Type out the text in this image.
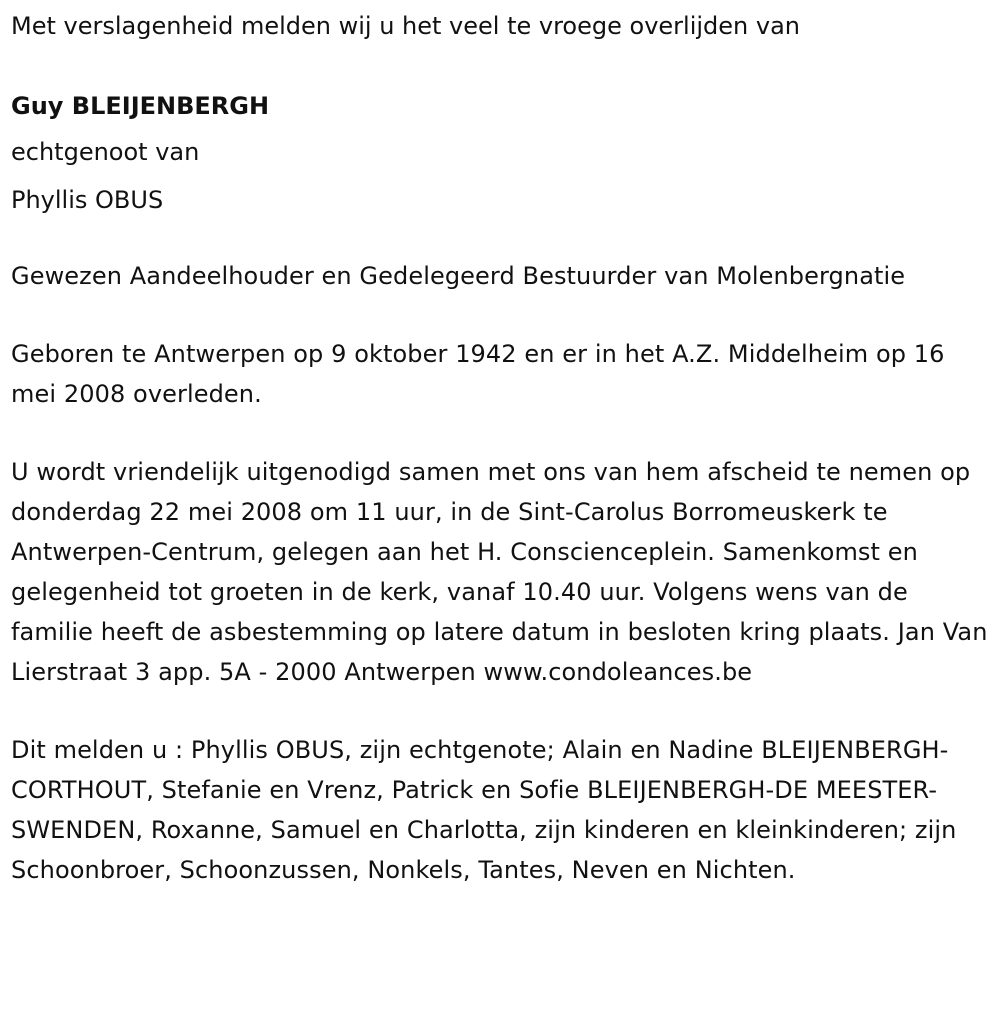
Met verslagenheid melden wij u het veel te vroege overlijden van

Guy BLEIJENBERGH

echtgenoot van

Phyllis OBUS

Gewezen Aandeelhouder en Gedelegeerd Bestuurder van Molenbergnatie

Geboren te Antwerpen op 9 oktober 1942 en er in het A.Z. Middelheim op 16 mei 2008 overleden.

U wordt vriendelijk uitgenodigd samen met ons van hem afscheid te nemen op donderdag 22 mei 2008 om 11 uur, in de Sint-Carolus Borromeuskerk te Antwerpen-Centrum, gelegen aan het H. Conscienceplein. Samenkomst en gelegenheid tot groeten in de kerk, vanaf 10.40 uur. Volgens wens van de familie heeft de asbestemming op latere datum in besloten kring plaats. Jan Van Lierstraat 3 app. 5A - 2000 Antwerpen www.condoleances.be

Dit melden u : Phyllis OBUS, zijn echtgenote; Alain en Nadine BLEIJENBERGH-CORTHOUT, Stefanie en Vrenz, Patrick en Sofie BLEIJENBERGH-DE MEESTER-SWENDEN, Roxanne, Samuel en Charlotta, zijn kinderen en kleinkinderen; zijn Schoonbroer, Schoonzussen, Nonkels, Tantes, Neven en Nichten.
